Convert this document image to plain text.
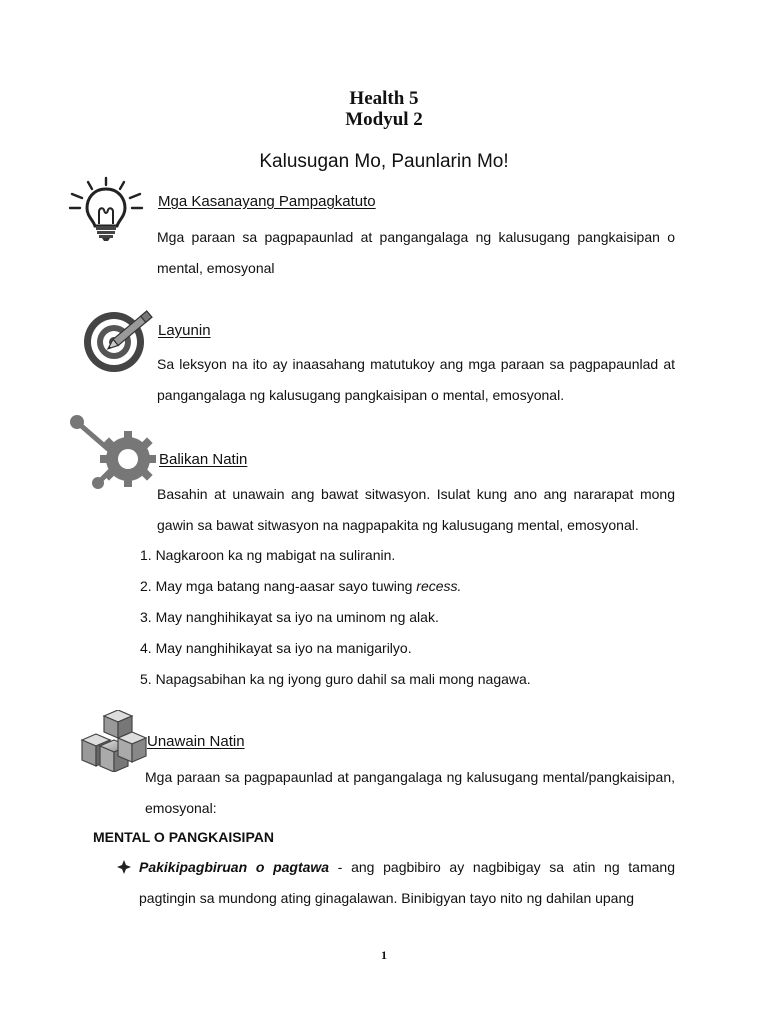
Health 5
Modyul 2
Kalusugan Mo, Paunlarin Mo!
Mga Kasanayang Pampagkatuto

Mga paraan sa pagpapaunlad at pangangalaga ng kalusugang pangkaisipan o mental, emosyonal

Layunin

Sa leksyon na ito ay inaasahang matutukoy ang mga paraan sa pagpapaunlad at pangangalaga ng kalusugang pangkaisipan o mental, emosyonal.

Balikan Natin

Basahin at unawain ang bawat sitwasyon. Isulat kung ano ang nararapat mong gawin sa bawat sitwasyon na nagpapakita ng kalusugang mental, emosyonal.

1. Nagkaroon ka ng mabigat na suliranin.
2. May mga batang nang-aasar sayo tuwing recess.
3. May nanghihikayat sa iyo na uminom ng alak.
4. May nanghihikayat sa iyo na manigarilyo.
5. Napagsabihan ka ng iyong guro dahil sa mali mong nagawa.
Unawain Natin

Mga paraan sa pagpapaunlad at pangangalaga ng kalusugang mental/pangkaisipan, emosyonal:

MENTAL O PANGKAISIPAN

Pakikipagbiruan o pagtawa - ang pagbibiro ay nagbibigay sa atin ng tamang pagtingin sa mundong ating ginagalawan. Binibigyan tayo nito ng dahilan upang

1
